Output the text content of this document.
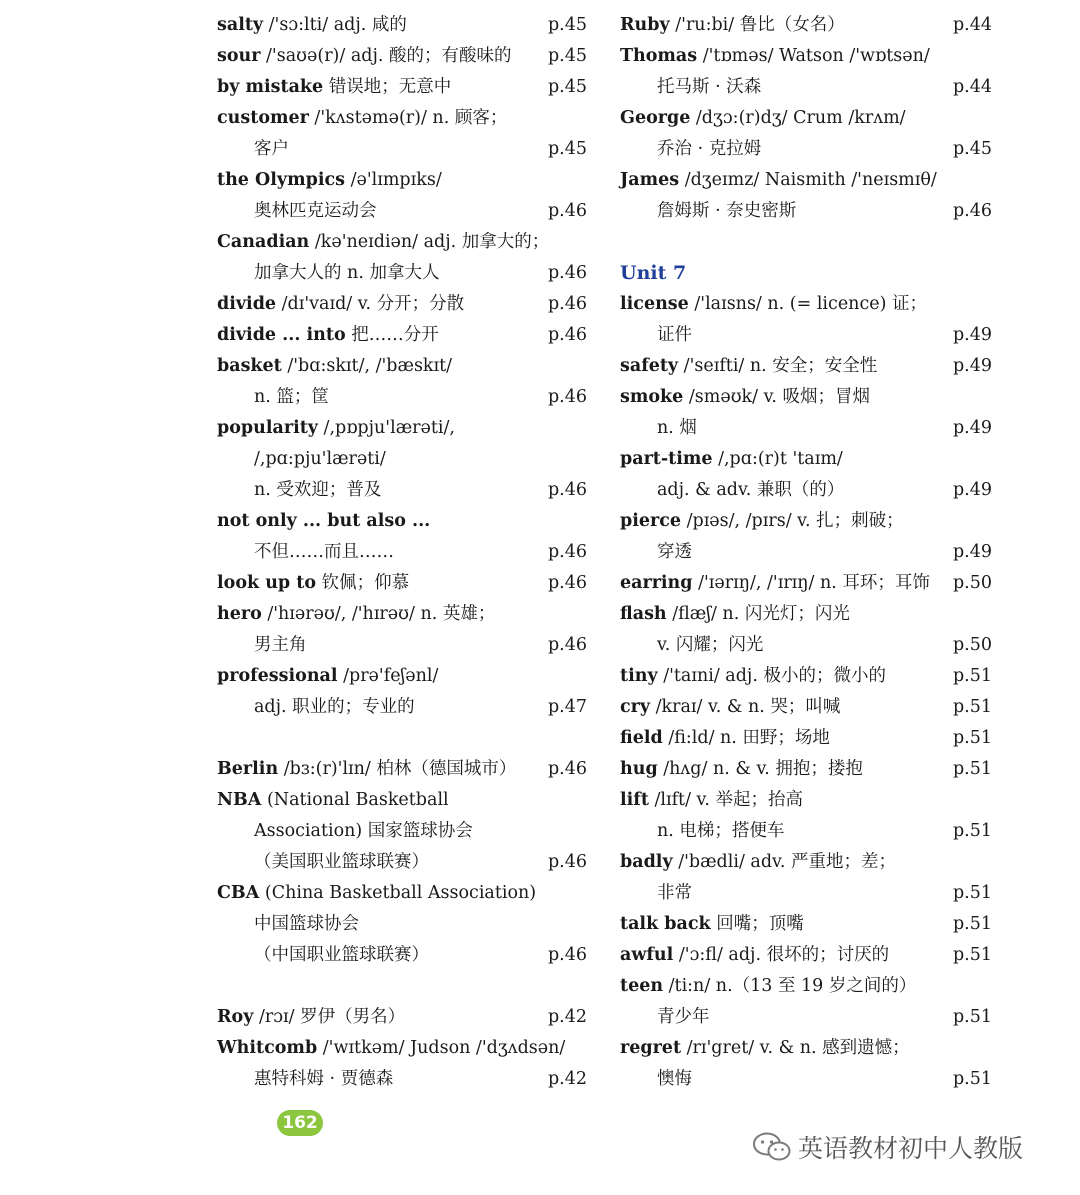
salty /'sɔ:lti/ adj. 咸的	p.45
sour /'saʊə(r)/ adj. 酸的；有酸味的 p.45
by mistake 错误地；无意中	p.45
customer /'kʌstəmə(r)/ n. 顾客；
客户	p.45
the Olympics /ə'lɪmpɪks/
奥林匹克运动会	p.46
Canadian /kə'neɪdiən/ adj. 加拿大的；
加拿大人的 n. 加拿大人	p.46
divide /dɪ'vaɪd/ v. 分开；分散	p.46
divide ... into 把……分开	p.46
basket /'bɑ:skɪt/, /'bæskɪt/
n. 篮；筐	p.46
popularity /,pɒpju'lærəti/,
/,pɑ:pju'lærəti/
n. 受欢迎；普及	p.46
not only ... but also ...
不但……而且……	p.46
look up to 钦佩；仰慕	p.46
hero /'hɪərəʊ/, /'hɪrəʊ/ n. 英雄；
男主角	p.46
professional /prə'feʃənl/
adj. 职业的；专业的	p.47
Berlin /bɜ:(r)'lɪn/ 柏林（德国城市） p.46
NBA (National Basketball
Association) 国家篮球协会
（美国职业篮球联赛）	p.46
CBA (China Basketball Association)
中国篮球协会
（中国职业篮球联赛）	p.46
Roy /rɔɪ/ 罗伊（男名）	p.42
Whitcomb /'wɪtkəm/ Judson /'dʒʌdsən/
惠特科姆 · 贾德森	p.42
Ruby /'ru:bi/ 鲁比（女名）	p.44
Thomas /'tɒməs/ Watson /'wɒtsən/
托马斯 · 沃森	p.44
George /dʒɔ:(r)dʒ/ Crum /krʌm/
乔治 · 克拉姆	p.45
James /dʒeɪmz/ Naismith /'neɪsmɪθ/
詹姆斯 · 奈史密斯	p.46
Unit 7
license /'laɪsns/ n. (= licence) 证；
证件	p.49
safety /'seɪfti/ n. 安全；安全性	p.49
smoke /sməʊk/ v. 吸烟；冒烟
n. 烟	p.49
part-time /,pɑ:(r)t 'taɪm/
adj. & adv. 兼职（的）	p.49
pierce /pɪəs/, /pɪrs/ v. 扎；刺破；
穿透	p.49
earring /'ɪərɪŋ/, /'ɪrɪŋ/ n. 耳环；耳饰 p.50
flash /flæʃ/ n. 闪光灯；闪光
v. 闪耀；闪光	p.50
tiny /'taɪni/ adj. 极小的；微小的	p.51
cry /kraɪ/ v. & n. 哭；叫喊	p.51
field /fi:ld/ n. 田野；场地	p.51
hug /hʌg/ n. & v. 拥抱；搂抱	p.51
lift /lɪft/ v. 举起；抬高
n. 电梯；搭便车	p.51
badly /'bædli/ adv. 严重地；差；
非常	p.51
talk back 回嘴；顶嘴	p.51
awful /'ɔ:fl/ adj. 很坏的；讨厌的	p.51
teen /ti:n/ n.（13 至 19 岁之间的）
青少年	p.51
regret /rɪ'gret/ v. & n. 感到遗憾；
懊悔	p.51
162
英语教材初中人教版
